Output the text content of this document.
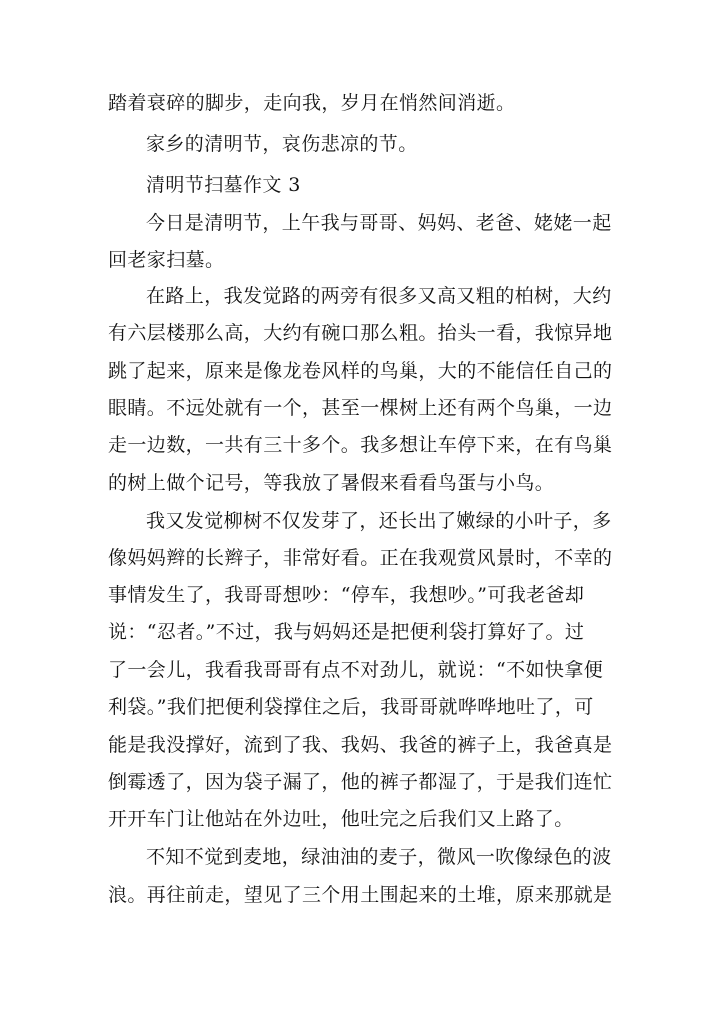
踏着衰碎的脚步，走向我，岁月在悄然间消逝。
家乡的清明节，哀伤悲凉的节。
清明节扫墓作文 3
今日是清明节，上午我与哥哥、妈妈、老爸、姥姥一起
回老家扫墓。
在路上，我发觉路的两旁有很多又高又粗的柏树，大约
有六层楼那么高，大约有碗口那么粗。抬头一看，我惊异地
跳了起来，原来是像龙卷风样的鸟巢，大的不能信任自己的
眼睛。不远处就有一个，甚至一棵树上还有两个鸟巢，一边
走一边数，一共有三十多个。我多想让车停下来，在有鸟巢
的树上做个记号，等我放了暑假来看看鸟蛋与小鸟。
我又发觉柳树不仅发芽了，还长出了嫩绿的小叶子，多
像妈妈辫的长辫子，非常好看。正在我观赏风景时，不幸的
事情发生了，我哥哥想吵：“停车，我想吵。”可我老爸却
说：“忍者。”不过，我与妈妈还是把便利袋打算好了。过
了一会儿，我看我哥哥有点不对劲儿，就说：“不如快拿便
利袋。”我们把便利袋撑住之后，我哥哥就哗哗地吐了，可
能是我没撑好，流到了我、我妈、我爸的裤子上，我爸真是
倒霉透了，因为袋子漏了，他的裤子都湿了，于是我们连忙
开开车门让他站在外边吐，他吐完之后我们又上路了。
不知不觉到麦地，绿油油的麦子，微风一吹像绿色的波
浪。再往前走，望见了三个用土围起来的土堆，原来那就是
